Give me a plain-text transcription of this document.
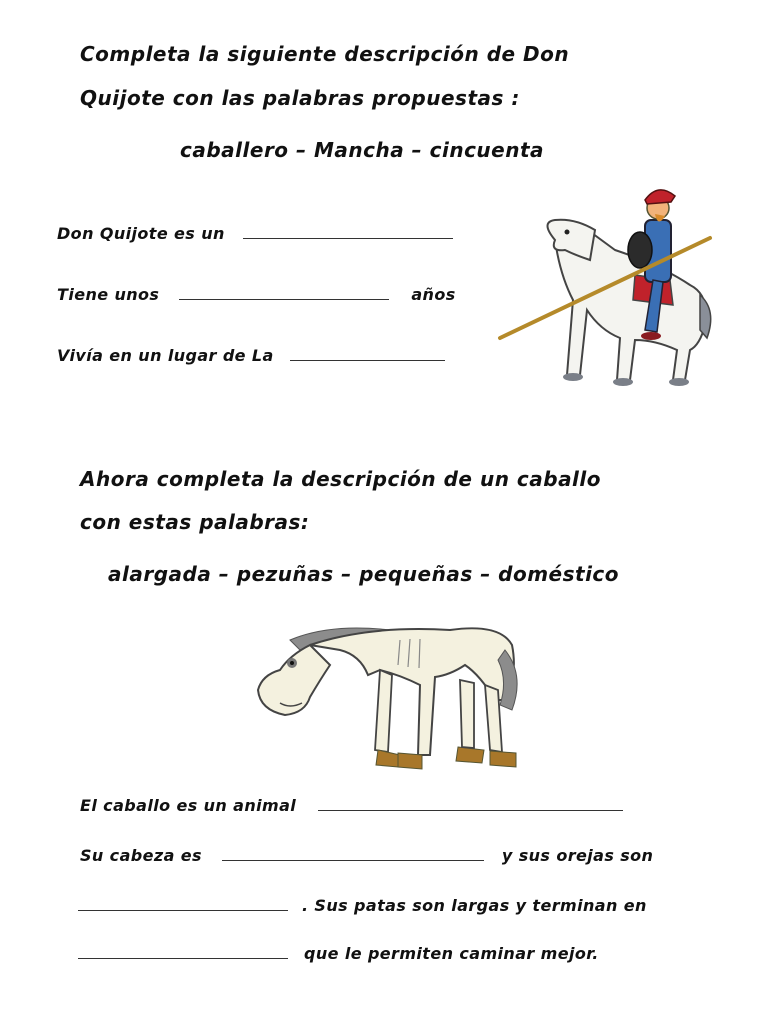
Completa la siguiente descripción de Don
Quijote con las palabras propuestas :
caballero – Mancha – cincuenta
Don Quijote es un
Tiene unos	años
Vivía en un lugar de La
Ahora completa la descripción de un caballo
con estas palabras:
alargada – pezuñas – pequeñas – doméstico
El caballo es un animal
Su cabeza es	y sus orejas son
. Sus patas son largas y terminan en
que le permiten caminar mejor.
